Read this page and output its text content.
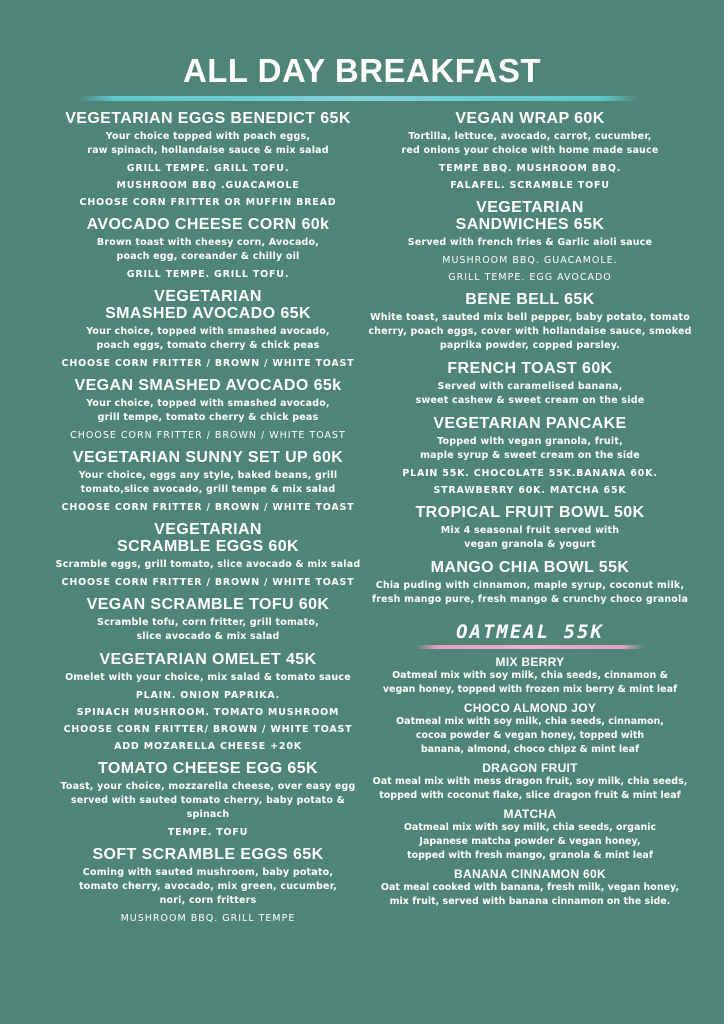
ALL DAY BREAKFAST
VEGETARIAN EGGS BENEDICT 65K
Your choice topped with poach eggs,
raw spinach, hollandaise sauce & mix salad
GRILL TEMPE. GRILL TOFU.
MUSHROOM BBQ .GUACAMOLE
CHOOSE CORN FRITTER OR MUFFIN BREAD
AVOCADO CHEESE CORN 60k
Brown toast with cheesy corn, Avocado,
poach egg, coreander & chilly oil
GRILL TEMPE. GRILL TOFU.
VEGETARIAN
SMASHED AVOCADO 65K
Your choice, topped with smashed avocado,
poach eggs, tomato cherry & chick peas
CHOOSE CORN FRITTER / BROWN / WHITE TOAST
VEGAN SMASHED AVOCADO 65k
Your choice, topped with smashed avocado,
grill tempe, tomato cherry & chick peas
CHOOSE CORN FRITTER / BROWN / WHITE TOAST
VEGETARIAN SUNNY SET UP 60K
Your choice, eggs any style, baked beans, grill
tomato,slice avocado, grill tempe & mix salad
CHOOSE CORN FRITTER / BROWN / WHITE TOAST
VEGETARIAN
SCRAMBLE EGGS 60K
Scramble eggs, grill tomato, slice avocado & mix salad
CHOOSE CORN FRITTER / BROWN / WHITE TOAST
VEGAN SCRAMBLE TOFU 60K
Scramble tofu, corn fritter, grill tomato,
slice avocado & mix salad
VEGETARIAN OMELET 45K
Omelet with your choice, mix salad & tomato sauce
PLAIN. ONION PAPRIKA.
SPINACH MUSHROOM. TOMATO MUSHROOM
CHOOSE CORN FRITTER/ BROWN / WHITE TOAST
ADD MOZARELLA CHEESE +20K
TOMATO CHEESE EGG 65K
Toast, your choice, mozzarella cheese, over easy egg
served with sauted tomato cherry, baby potato & spinach
TEMPE. TOFU
SOFT SCRAMBLE EGGS 65K
Coming with sauted mushroom, baby potato,
tomato cherry, avocado, mix green, cucumber,
nori, corn fritters
MUSHROOM BBQ. GRILL TEMPE
VEGAN WRAP 60K
Tortilla, lettuce, avocado, carrot, cucumber,
red onions your choice with home made sauce
TEMPE BBQ. MUSHROOM BBQ.
FALAFEL. SCRAMBLE TOFU
VEGETARIAN
SANDWICHES 65K
Served with french fries & Garlic aioli sauce
MUSHROOM BBQ. GUACAMOLE.
GRILL TEMPE. EGG AVOCADO
BENE BELL 65K
White toast, sauted mix bell pepper, baby potato, tomato
cherry, poach eggs, cover with hollandaise sauce, smoked
paprika powder, copped parsley.
FRENCH TOAST 60K
Served with caramelised banana,
sweet cashew & sweet cream on the side
VEGETARIAN PANCAKE
Topped with vegan granola, fruit,
maple syrup & sweet cream on the side
PLAIN 55K. CHOCOLATE 55K.BANANA 60K.
STRAWBERRY 60K. MATCHA 65K
TROPICAL FRUIT BOWL 50K
Mix 4 seasonal fruit served with
vegan granola & yogurt
MANGO CHIA BOWL 55K
Chia puding with cinnamon, maple syrup, coconut milk,
fresh mango pure, fresh mango & crunchy choco granola
OATMEAL 55K
MIX BERRY
Oatmeal mix with soy milk, chia seeds, cinnamon &
vegan honey, topped with frozen mix berry & mint leaf
CHOCO ALMOND JOY
Oatmeal mix with soy milk, chia seeds, cinnamon,
cocoa powder & vegan honey, topped with
banana, almond, choco chipz & mint leaf
DRAGON FRUIT
Oat meal mix with mess dragon fruit, soy milk, chia seeds,
topped with coconut flake, slice dragon fruit & mint leaf
MATCHA
Oatmeal mix with soy milk, chia seeds, organic
Japanese matcha powder & vegan honey,
topped with fresh mango, granola & mint leaf
BANANA CINNAMON 60K
Oat meal cooked with banana, fresh milk, vegan honey,
mix fruit, served with banana cinnamon on the side.
